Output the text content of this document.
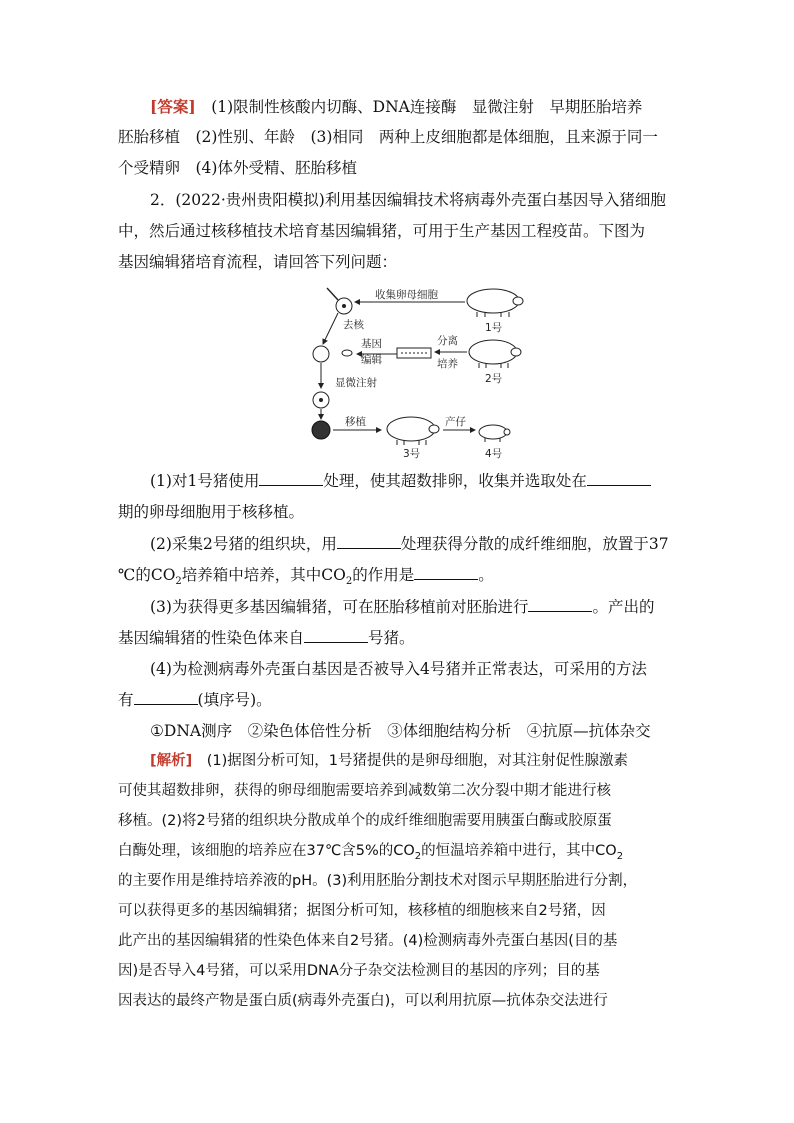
[答案]　 (1)限制性核酸内切酶、DNA连接酶　显微注射　早期胚胎培养
胚胎移植　(2)性别、年龄　(3)相同　两种上皮细胞都是体细胞，且来源于同一
个受精卵　(4)体外受精、胚胎移植
2．(2022·贵州贵阳模拟)利用基因编辑技术将病毒外壳蛋白基因导入猪细胞
中，然后通过核移植技术培育基因编辑猪，可用于生产基因工程疫苗。下图为
基因编辑猪培育流程，请回答下列问题：
收集卵母细胞
1号
去核
基因
编辑
分离
培养
2号
显微注射
移植
3号
产仔
4号
(1)对1号猪使用	处理，使其超数排卵，收集并选取处在
期的卵母细胞用于核移植。
(2)采集2号猪的组织块，用	处理获得分散的成纤维细胞，放置于37
℃的$CO_2$培养箱中培养，其中$CO_2$的作用是	。
(3)为获得更多基因编辑猪，可在胚胎移植前对胚胎进行	。产出的
基因编辑猪的性染色体来自	号猪。
(4)为检测病毒外壳蛋白基因是否被导入4号猪并正常表达，可采用的方法
有	(填序号)。
①DNA测序　②染色体倍性分析　③体细胞结构分析　④抗原—抗体杂交
[解析]　 (1)据图分析可知，1号猪提供的是卵母细胞，对其注射促性腺激素
可使其超数排卵，获得的卵母细胞需要培养到减数第二次分裂中期才能进行核
移植。(2)将2号猪的组织块分散成单个的成纤维细胞需要用胰蛋白酶或胶原蛋
白酶处理，该细胞的培养应在37℃含5%的$CO_2$的恒温培养箱中进行，其中$CO_2$
的主要作用是维持培养液的pH。(3)利用胚胎分割技术对图示早期胚胎进行分割，
可以获得更多的基因编辑猪；据图分析可知，核移植的细胞核来自2号猪，因
此产出的基因编辑猪的性染色体来自2号猪。(4)检测病毒外壳蛋白基因(目的基
因)是否导入4号猪，可以采用DNA分子杂交法检测目的基因的序列；目的基
因表达的最终产物是蛋白质(病毒外壳蛋白)，可以利用抗原—抗体杂交法进行
